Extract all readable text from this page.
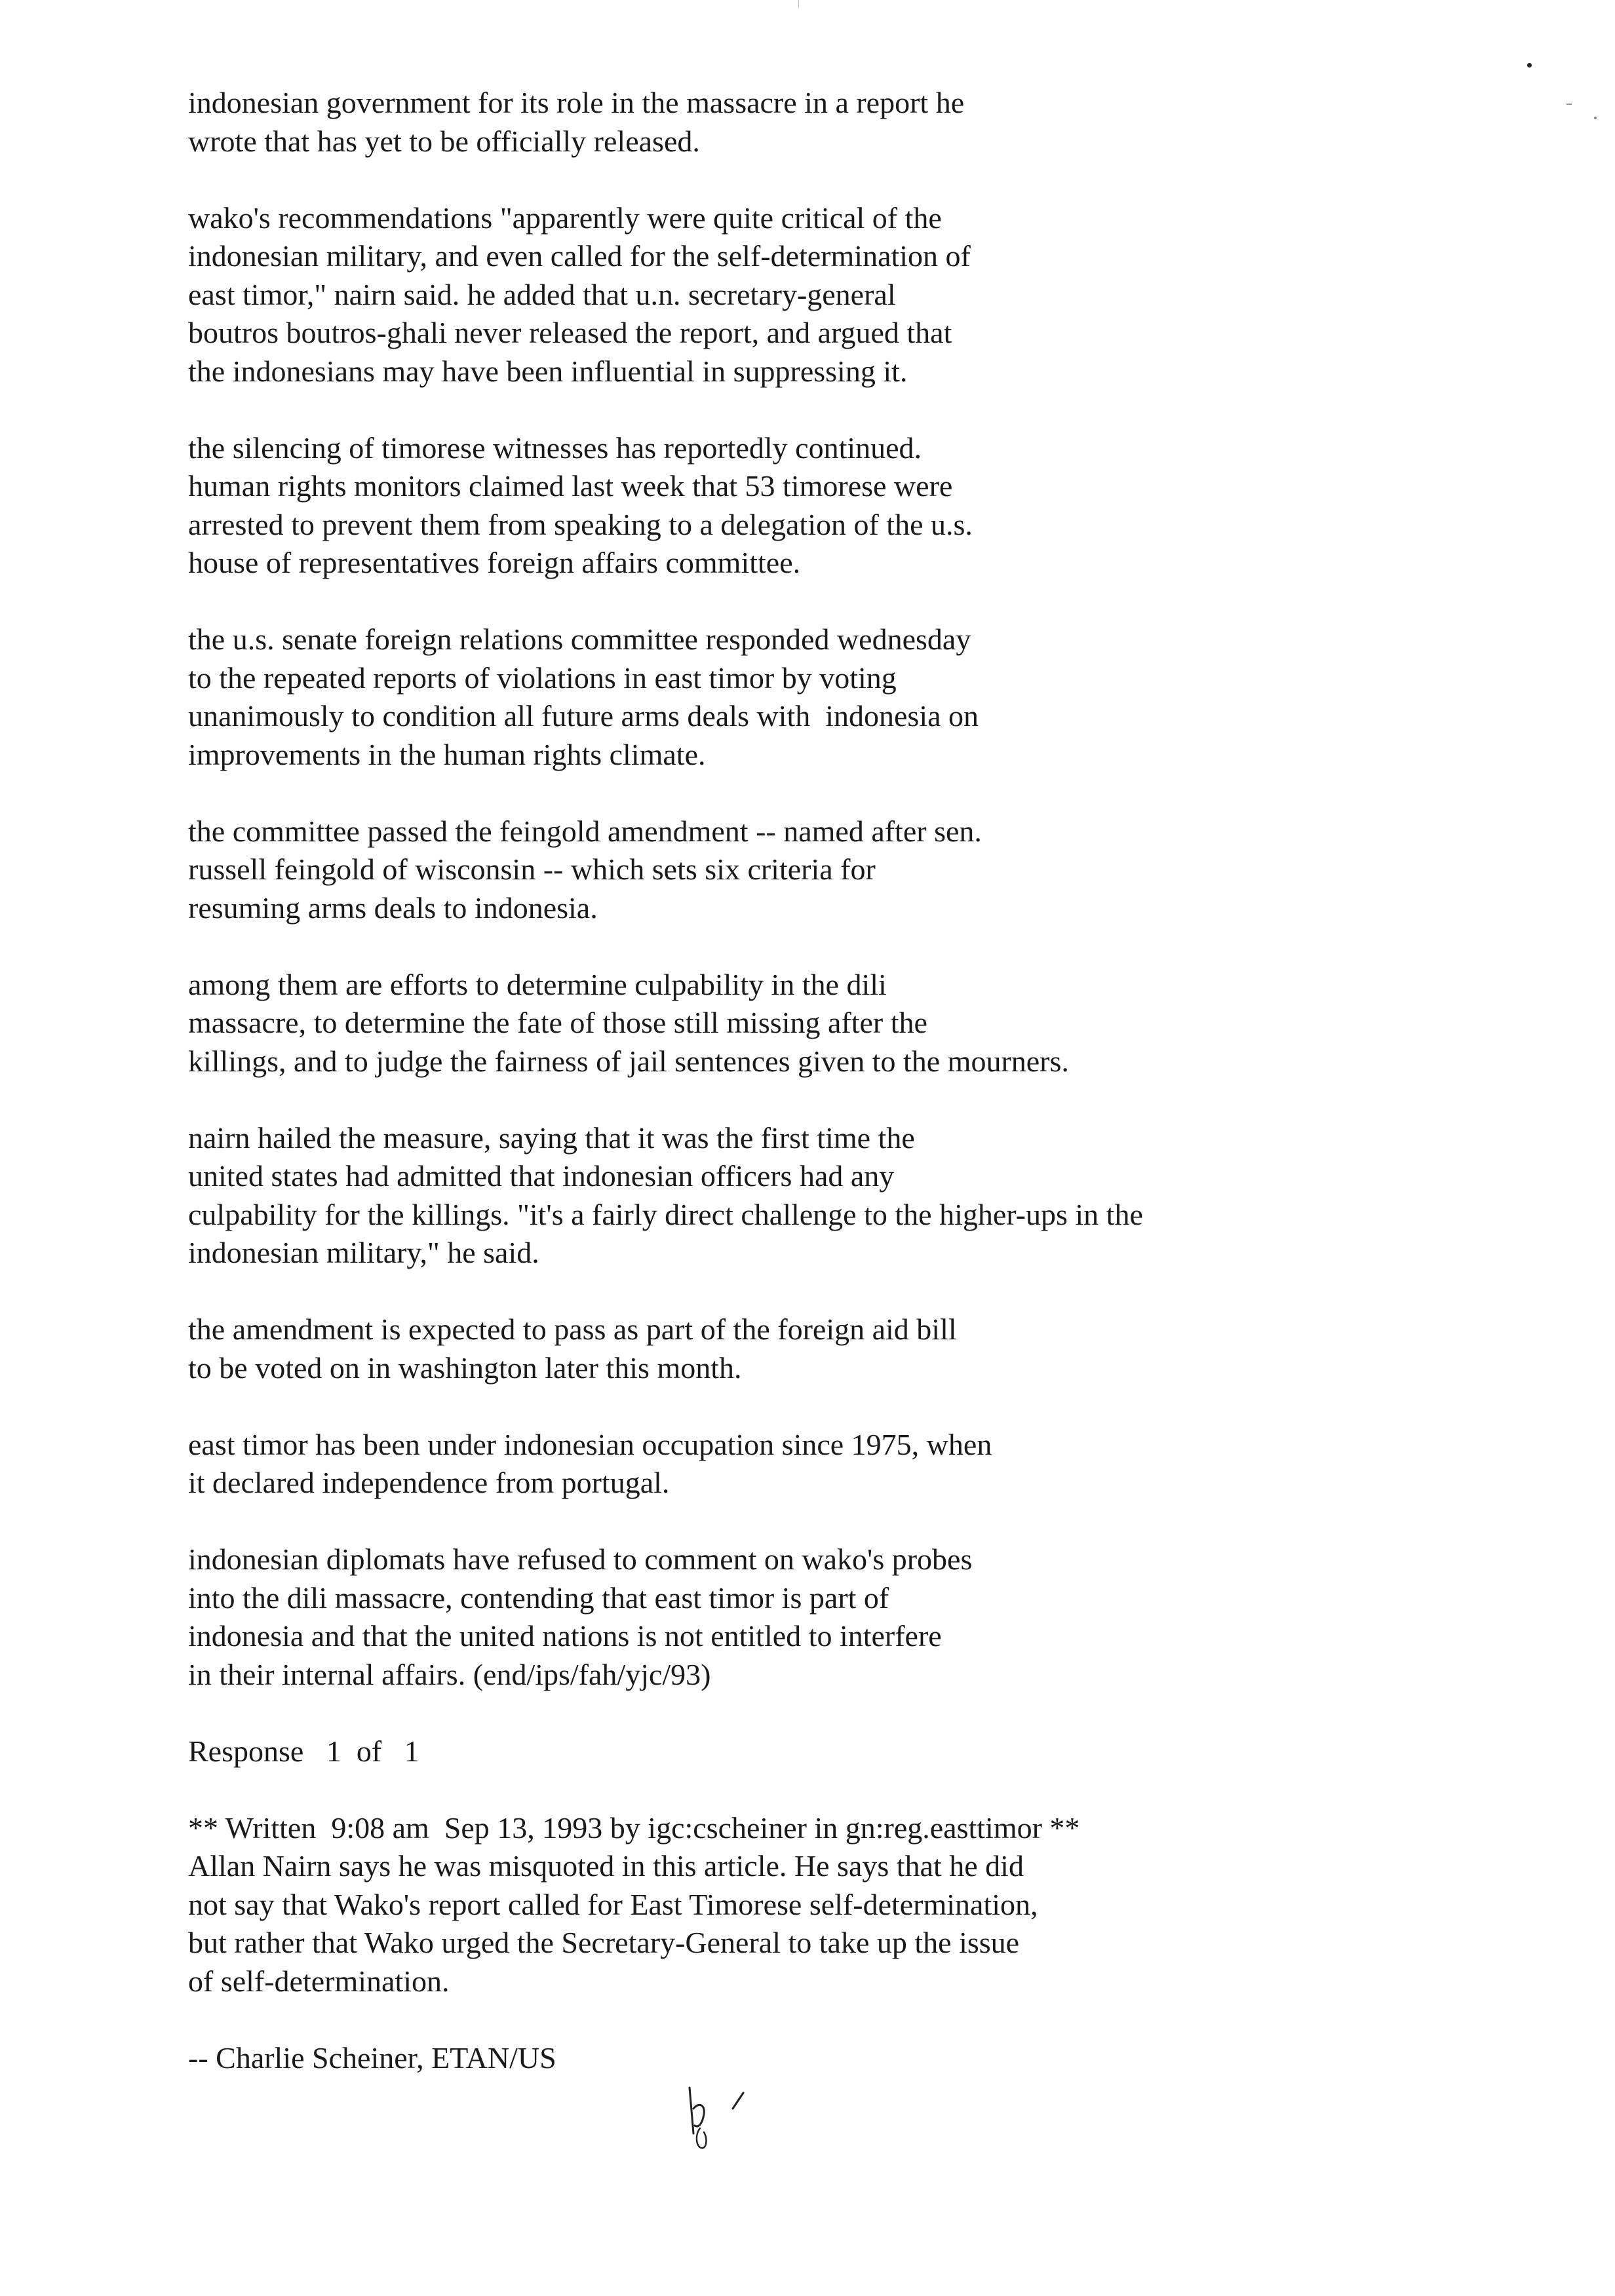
indonesian government for its role in the massacre in a report he
wrote that has yet to be officially released.

wako's recommendations "apparently were quite critical of the
indonesian military, and even called for the self-determination of
east timor," nairn said. he added that u.n. secretary-general
boutros boutros-ghali never released the report, and argued that
the indonesians may have been influential in suppressing it.

the silencing of timorese witnesses has reportedly continued.
human rights monitors claimed last week that 53 timorese were
arrested to prevent them from speaking to a delegation of the u.s.
house of representatives foreign affairs committee.

the u.s. senate foreign relations committee responded wednesday
to the repeated reports of violations in east timor by voting
unanimously to condition all future arms deals with  indonesia on
improvements in the human rights climate.

the committee passed the feingold amendment -- named after sen.
russell feingold of wisconsin -- which sets six criteria for
resuming arms deals to indonesia.

among them are efforts to determine culpability in the dili
massacre, to determine the fate of those still missing after the
killings, and to judge the fairness of jail sentences given to the mourners.

nairn hailed the measure, saying that it was the first time the
united states had admitted that indonesian officers had any
culpability for the killings. "it's a fairly direct challenge to the higher-ups in the
indonesian military," he said.

the amendment is expected to pass as part of the foreign aid bill
to be voted on in washington later this month.

east timor has been under indonesian occupation since 1975, when
it declared independence from portugal.

indonesian diplomats have refused to comment on wako's probes
into the dili massacre, contending that east timor is part of
indonesia and that the united nations is not entitled to interfere
in their internal affairs. (end/ips/fah/yjc/93)

Response   1  of   1

** Written  9:08 am  Sep 13, 1993 by igc:cscheiner in gn:reg.easttimor **
Allan Nairn says he was misquoted in this article. He says that he did
not say that Wako's report called for East Timorese self-determination,
but rather that Wako urged the Secretary-General to take up the issue
of self-determination.

-- Charlie Scheiner, ETAN/US
